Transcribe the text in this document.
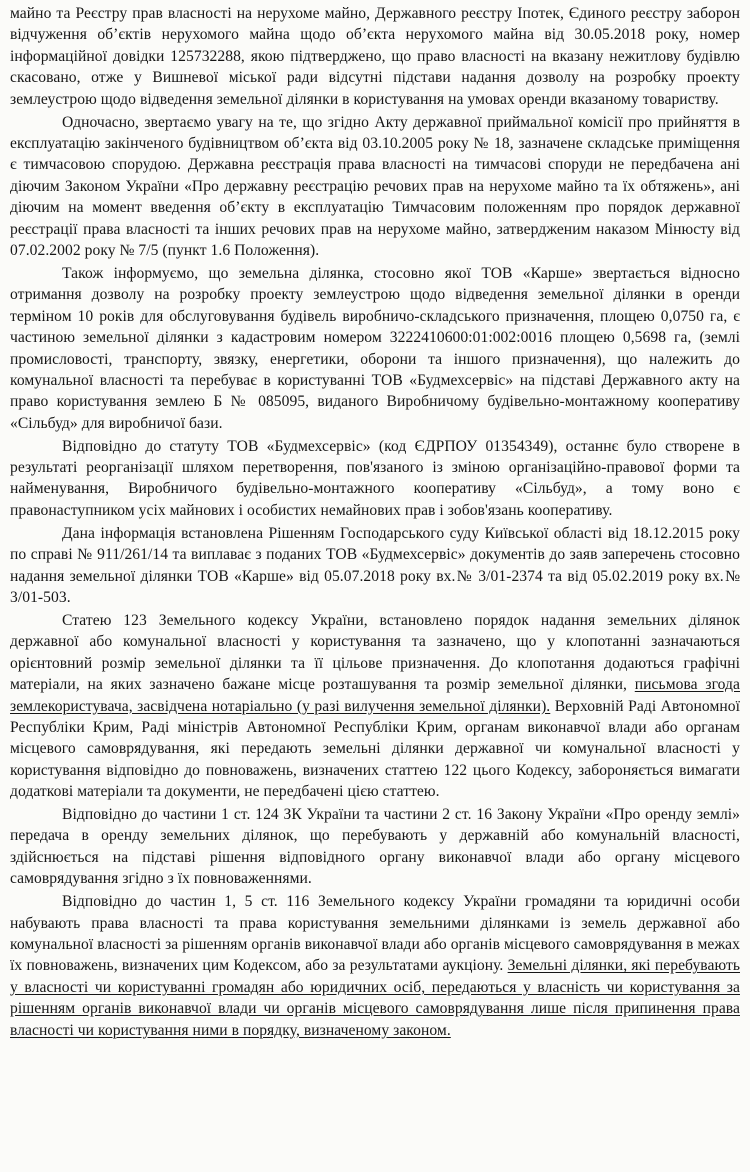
майно та Реєстру прав власності на нерухоме майно, Державного реєстру Іпотек, Єдиного реєстру заборон відчуження об’єктів нерухомого майна щодо об’єкта нерухомого майна від 30.05.2018 року, номер інформаційної довідки 125732288, якою підтверджено, що право власності на вказану нежитлову будівлю скасовано, отже у Вишневої міської ради відсутні підстави надання дозволу на розробку проекту землеустрою щодо відведення земельної ділянки в користування на умовах оренди вказаному товариству.

Одночасно, звертаємо увагу на те, що згідно Акту державної приймальної комісії про прийняття в експлуатацію закінченого будівництвом об’єкта від 03.10.2005 року № 18, зазначене складське приміщення є тимчасовою спорудою. Державна реєстрація права власності на тимчасові споруди не передбачена ані діючим Законом України «Про державну реєстрацію речових прав на нерухоме майно та їх обтяжень», ані діючим на момент введення об’єкту в експлуатацію Тимчасовим положенням про порядок державної реєстрації права власності та інших речових прав на нерухоме майно, затвердженим наказом Мінюсту від 07.02.2002 року № 7/5 (пункт 1.6 Положення).

Також інформуємо, що земельна ділянка, стосовно якої ТОВ «Карше» звертається відносно отримання дозволу на розробку проекту землеустрою щодо відведення земельної ділянки в оренди терміном 10 років для обслуговування будівель виробничо-складського призначення, площею 0,0750 га, є частиною земельної ділянки з кадастровим номером 3222410600:01:002:0016 площею 0,5698 га, (землі промисловості, транспорту, звязку, енергетики, оборони та іншого призначення), що належить до комунальної власності та перебуває в користуванні ТОВ «Будмехсервіс» на підставі Державного акту на право користування землею Б № 085095, виданого Виробничому будівельно-монтажному кооперативу «Сільбуд» для виробничої бази.

Відповідно до статуту ТОВ «Будмехсервіс» (код ЄДРПОУ 01354349), останнє було створене в результаті реорганізації шляхом перетворення, пов'язаного із зміною організаційно-правової форми та найменування, Виробничого будівельно-монтажного кооперативу «Сільбуд», а тому воно є правонаступником усіх майнових і особистих немайнових прав і зобов'язань кооперативу.

Дана інформація встановлена Рішенням Господарського суду Київської області від 18.12.2015 року по справі № 911/261/14 та виплаває з поданих ТОВ «Будмехсервіс» документів до заяв заперечень стосовно надання земельної ділянки ТОВ «Карше» від 05.07.2018 року вх.№ 3/01-2374 та від 05.02.2019 року вх.№ 3/01-503.

Статею 123 Земельного кодексу України, встановлено порядок надання земельних ділянок державної або комунальної власності у користування та зазначено, що у клопотанні зазначаються орієнтовний розмір земельної ділянки та її цільове призначення. До клопотання додаються графічні матеріали, на яких зазначено бажане місце розташування та розмір земельної ділянки, письмова згода землекористувача, засвідчена нотаріально (у разі вилучення земельної ділянки). Верховній Раді Автономної Республіки Крим, Раді міністрів Автономної Республіки Крим, органам виконавчої влади або органам місцевого самоврядування, які передають земельні ділянки державної чи комунальної власності у користування відповідно до повноважень, визначених статтею 122 цього Кодексу, забороняється вимагати додаткові матеріали та документи, не передбачені цією статтею.

Відповідно до частини 1 ст. 124 ЗК України та частини 2 ст. 16 Закону України «Про оренду землі» передача в оренду земельних ділянок, що перебувають у державній або комунальній власності, здійснюється на підставі рішення відповідного органу виконавчої влади або органу місцевого самоврядування згідно з їх повноваженнями.

Відповідно до частин 1, 5 ст. 116 Земельного кодексу України громадяни та юридичні особи набувають права власності та права користування земельними ділянками із земель державної або комунальної власності за рішенням органів виконавчої влади або органів місцевого самоврядування в межах їх повноважень, визначених цим Кодексом, або за результатами аукціону. Земельні ділянки, які перебувають у власності чи користуванні громадян або юридичних осіб, передаються у власність чи користування за рішенням органів виконавчої влади чи органів місцевого самоврядування лише після припинення права власності чи користування ними в порядку, визначеному законом.
